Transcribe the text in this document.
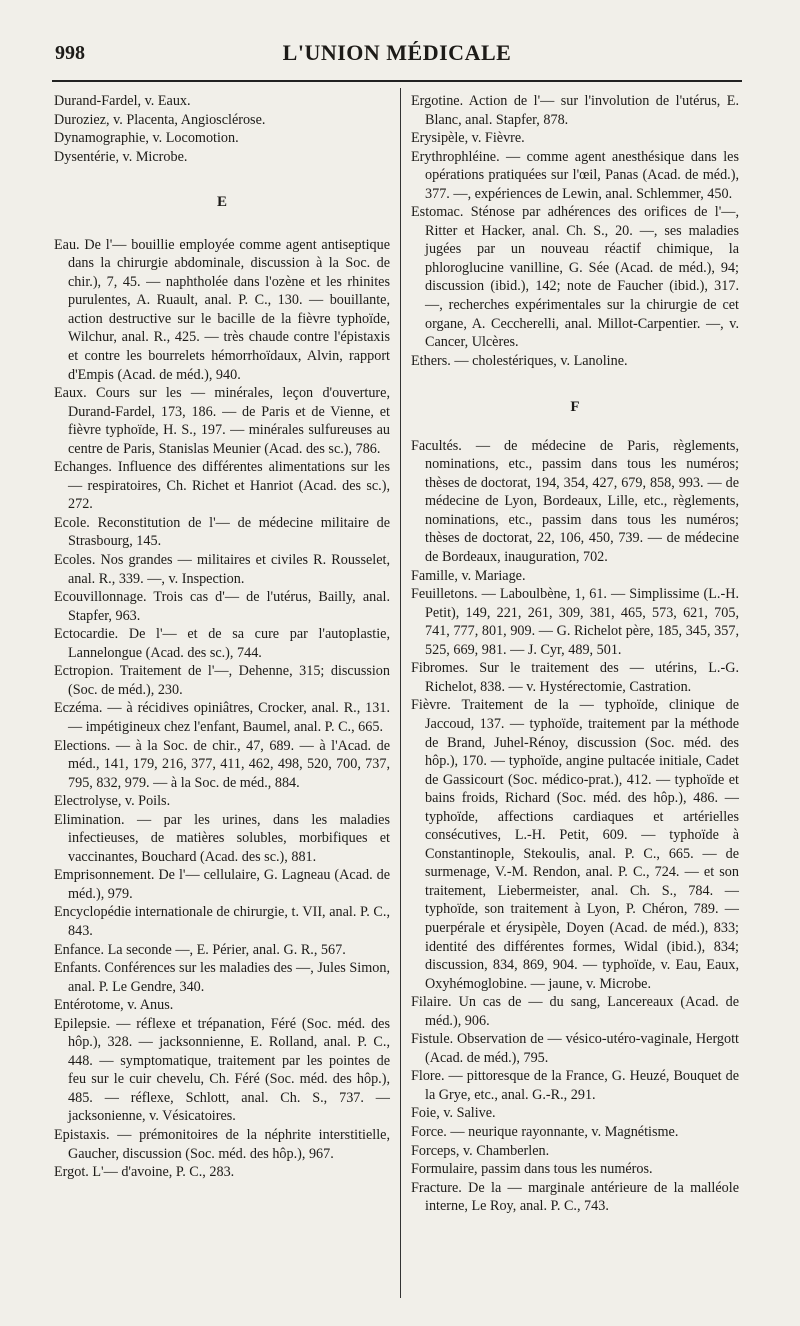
998	L'UNION MÉDICALE
Durand-Fardel, v. Eaux.
Duroziez, v. Placenta, Angiosclérose.
Dynamographie, v. Locomotion.
Dysentérie, v. Microbe.
E
Eau. De l'— bouillie employée comme agent antiseptique dans la chirurgie abdominale, discussion à la Soc. de chir.), 7, 45. — naphtholée dans l'ozène et les rhinites purulentes, A. Ruault, anal. P. C., 130. — bouillante, action destructive sur le bacille de la fièvre typhoïde, Wilchur, anal. R., 425. — très chaude contre l'épistaxis et contre les bourrelets hémorrhoïdaux, Alvin, rapport d'Empis (Acad. de méd.), 940.
Eaux. Cours sur les — minérales, leçon d'ouverture, Durand-Fardel, 173, 186. — de Paris et de Vienne, et fièvre typhoïde, H. S., 197. — minérales sulfureuses au centre de Paris, Stanislas Meunier (Acad. des sc.), 786.
Echanges. Influence des différentes alimentations sur les — respiratoires, Ch. Richet et Hanriot (Acad. des sc.), 272.
Ecole. Reconstitution de l'— de médecine militaire de Strasbourg, 145.
Ecoles. Nos grandes — militaires et civiles R. Rousselet, anal. R., 339. —, v. Inspection.
Ecouvillonnage. Trois cas d'— de l'utérus, Bailly, anal. Stapfer, 963.
Ectocardie. De l'— et de sa cure par l'autoplastie, Lannelongue (Acad. des sc.), 744.
Ectropion. Traitement de l'—, Dehenne, 315; discussion (Soc. de méd.), 230.
Eczéma. — à récidives opiniâtres, Crocker, anal. R., 131. — impétigineux chez l'enfant, Baumel, anal. P. C., 665.
Elections. — à la Soc. de chir., 47, 689. — à l'Acad. de méd., 141, 179, 216, 377, 411, 462, 498, 520, 700, 737, 795, 832, 979. — à la Soc. de méd., 884.
Electrolyse, v. Poils.
Elimination. — par les urines, dans les maladies infectieuses, de matières solubles, morbifiques et vaccinantes, Bouchard (Acad. des sc.), 881.
Emprisonnement. De l'— cellulaire, G. Lagneau (Acad. de méd.), 979.
Encyclopédie internationale de chirurgie, t. VII, anal. P. C., 843.
Enfance. La seconde —, E. Périer, anal. G. R., 567.
Enfants. Conférences sur les maladies des —, Jules Simon, anal. P. Le Gendre, 340.
Entérotome, v. Anus.
Epilepsie. — réflexe et trépanation, Féré (Soc. méd. des hôp.), 328. — jacksonnienne, E. Rolland, anal. P. C., 448. — symptomatique, traitement par les pointes de feu sur le cuir chevelu, Ch. Féré (Soc. méd. des hôp.), 485. — réflexe, Schlott, anal. Ch. S., 737. — jacksonienne, v. Vésicatoires.
Epistaxis. — prémonitoires de la néphrite interstitielle, Gaucher, discussion (Soc. méd. des hôp.), 967.
Ergot. L'— d'avoine, P. C., 283.
Ergotine. Action de l'— sur l'involution de l'utérus, E. Blanc, anal. Stapfer, 878.
Erysipèle, v. Fièvre.
Erythrophléine. — comme agent anesthésique dans les opérations pratiquées sur l'œil, Panas (Acad. de méd.), 377. —, expériences de Lewin, anal. Schlemmer, 450.
Estomac. Sténose par adhérences des orifices de l'—, Ritter et Hacker, anal. Ch. S., 20. —, ses maladies jugées par un nouveau réactif chimique, la phloroglucine vanilline, G. Sée (Acad. de méd.), 94; discussion (ibid.), 142; note de Faucher (ibid.), 317. —, recherches expérimentales sur la chirurgie de cet organe, A. Ceccherelli, anal. Millot-Carpentier. —, v. Cancer, Ulcères.
Ethers. — cholestériques, v. Lanoline.
F
Facultés. — de médecine de Paris, règlements, nominations, etc., passim dans tous les numéros; thèses de doctorat, 194, 354, 427, 679, 858, 993. — de médecine de Lyon, Bordeaux, Lille, etc., règlements, nominations, etc., passim dans tous les numéros; thèses de doctorat, 22, 106, 450, 739. — de médecine de Bordeaux, inauguration, 702.
Famille, v. Mariage.
Feuilletons. — Laboulbène, 1, 61. — Simplissime (L.-H. Petit), 149, 221, 261, 309, 381, 465, 573, 621, 705, 741, 777, 801, 909. — G. Richelot père, 185, 345, 357, 525, 669, 981. — J. Cyr, 489, 501.
Fibromes. Sur le traitement des — utérins, L.-G. Richelot, 838. — v. Hystérectomie, Castration.
Fièvre. Traitement de la — typhoïde, clinique de Jaccoud, 137. — typhoïde, traitement par la méthode de Brand, Juhel-Rénoy, discussion (Soc. méd. des hôp.), 170. — typhoïde, angine pultacée initiale, Cadet de Gassicourt (Soc. médico-prat.), 412. — typhoïde et bains froids, Richard (Soc. méd. des hôp.), 486. — typhoïde, affections cardiaques et artérielles consécutives, L.-H. Petit, 609. — typhoïde à Constantinople, Stekoulis, anal. P. C., 665. — de surmenage, V.-M. Rendon, anal. P. C., 724. — et son traitement, Liebermeister, anal. Ch. S., 784. — typhoïde, son traitement à Lyon, P. Chéron, 789. — puerpérale et érysipèle, Doyen (Acad. de méd.), 833; identité des différentes formes, Widal (ibid.), 834; discussion, 834, 869, 904. — typhoïde, v. Eau, Eaux, Oxyhémoglobine. — jaune, v. Microbe.
Filaire. Un cas de — du sang, Lancereaux (Acad. de méd.), 906.
Fistule. Observation de — vésico-utéro-vaginale, Hergott (Acad. de méd.), 795.
Flore. — pittoresque de la France, G. Heuzé, Bouquet de la Grye, etc., anal. G.-R., 291.
Foie, v. Salive.
Force. — neurique rayonnante, v. Magnétisme.
Forceps, v. Chamberlen.
Formulaire, passim dans tous les numéros.
Fracture. De la — marginale antérieure de la malléole interne, Le Roy, anal. P. C., 743.
